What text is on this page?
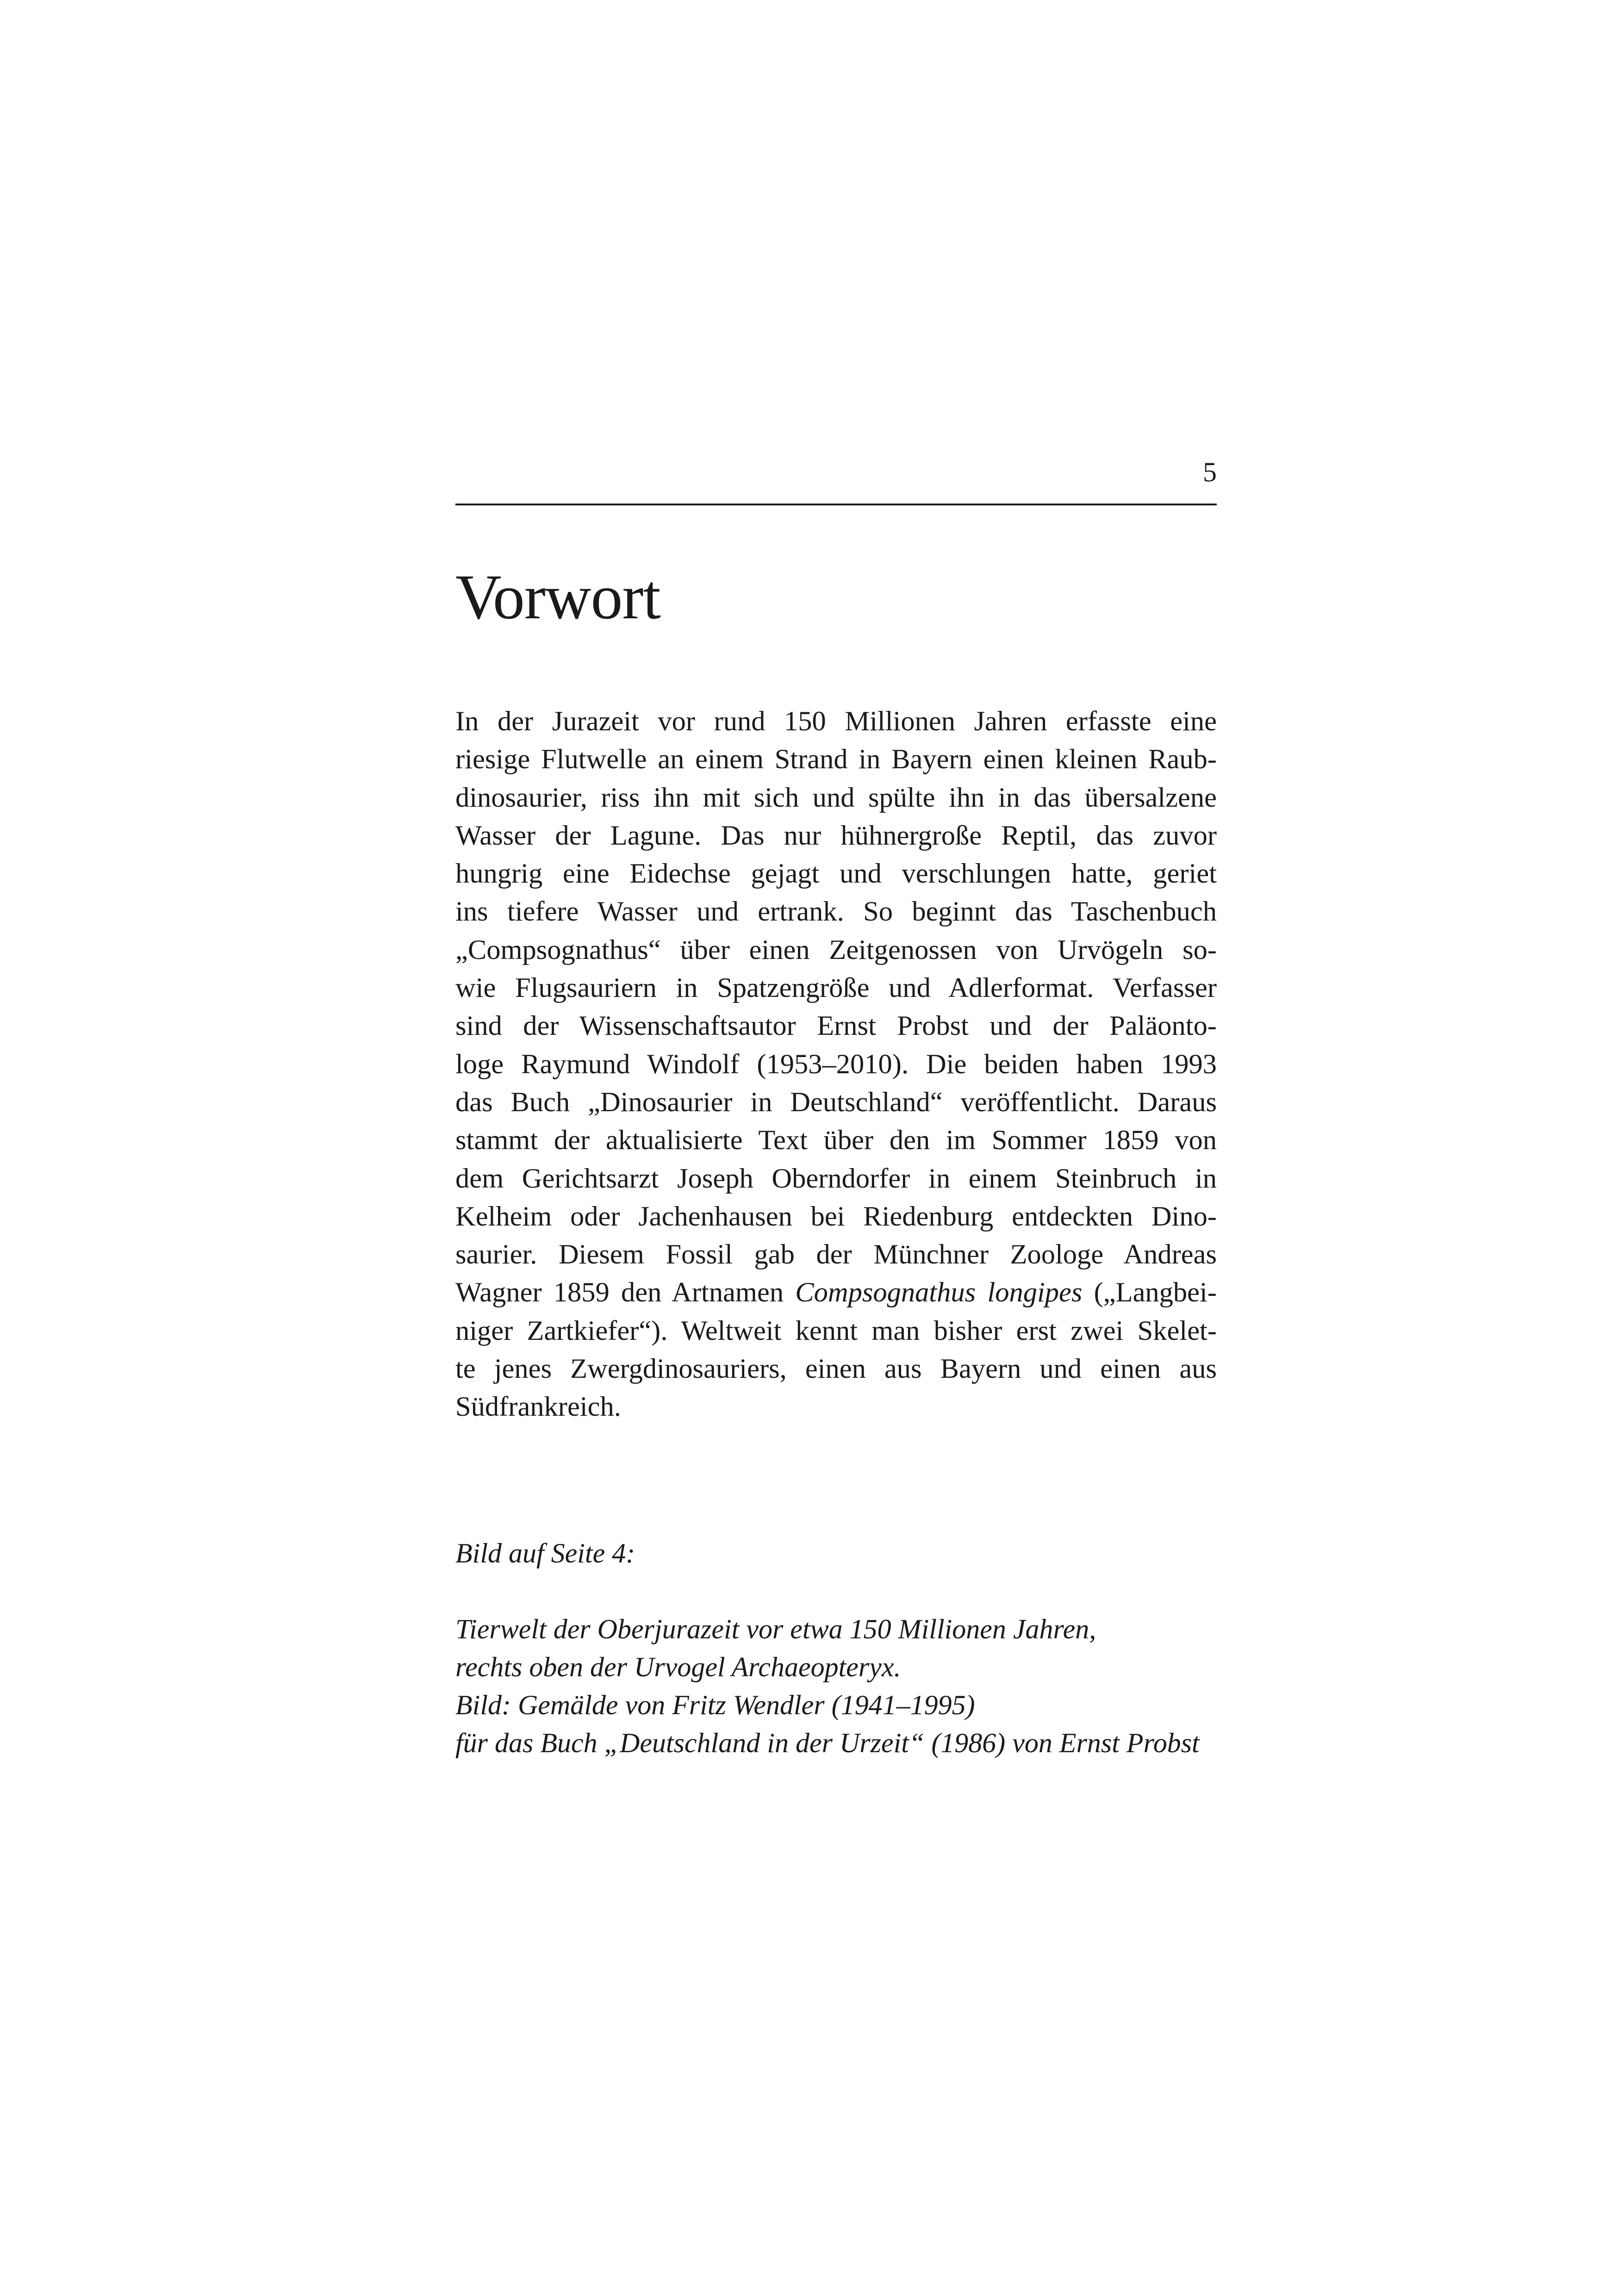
5
Vorwort

In der Jurazeit vor rund 150 Millionen Jahren erfasste eine
riesige Flutwelle an einem Strand in Bayern einen kleinen Raub-
dinosaurier, riss ihn mit sich und spülte ihn in das übersalzene
Wasser der Lagune. Das nur hühnergroße Reptil, das zuvor
hungrig eine Eidechse gejagt und verschlungen hatte, geriet
ins tiefere Wasser und ertrank. So beginnt das Taschenbuch
„Compsognathus“ über einen Zeitgenossen von Urvögeln so-
wie Flugsauriern in Spatzengröße und Adlerformat. Verfasser
sind der Wissenschaftsautor Ernst Probst und der Paläonto-
loge Raymund Windolf (1953–2010). Die beiden haben 1993
das Buch „Dinosaurier in Deutschland“ veröffentlicht. Daraus
stammt der aktualisierte Text über den im Sommer 1859 von
dem Gerichtsarzt Joseph Oberndorfer in einem Steinbruch in
Kelheim oder Jachenhausen bei Riedenburg entdeckten Dino-
saurier. Diesem Fossil gab der Münchner Zoologe Andreas
Wagner 1859 den Artnamen Compsognathus longipes („Langbei-
niger Zartkiefer“). Weltweit kennt man bisher erst zwei Skelet-
te jenes Zwergdinosauriers, einen aus Bayern und einen aus
Südfrankreich.

Bild auf Seite 4:
Tierwelt der Oberjurazeit vor etwa 150 Millionen Jahren,
rechts oben der Urvogel Archaeopteryx.
Bild: Gemälde von Fritz Wendler (1941–1995)
für das Buch „Deutschland in der Urzeit“ (1986) von Ernst Probst
